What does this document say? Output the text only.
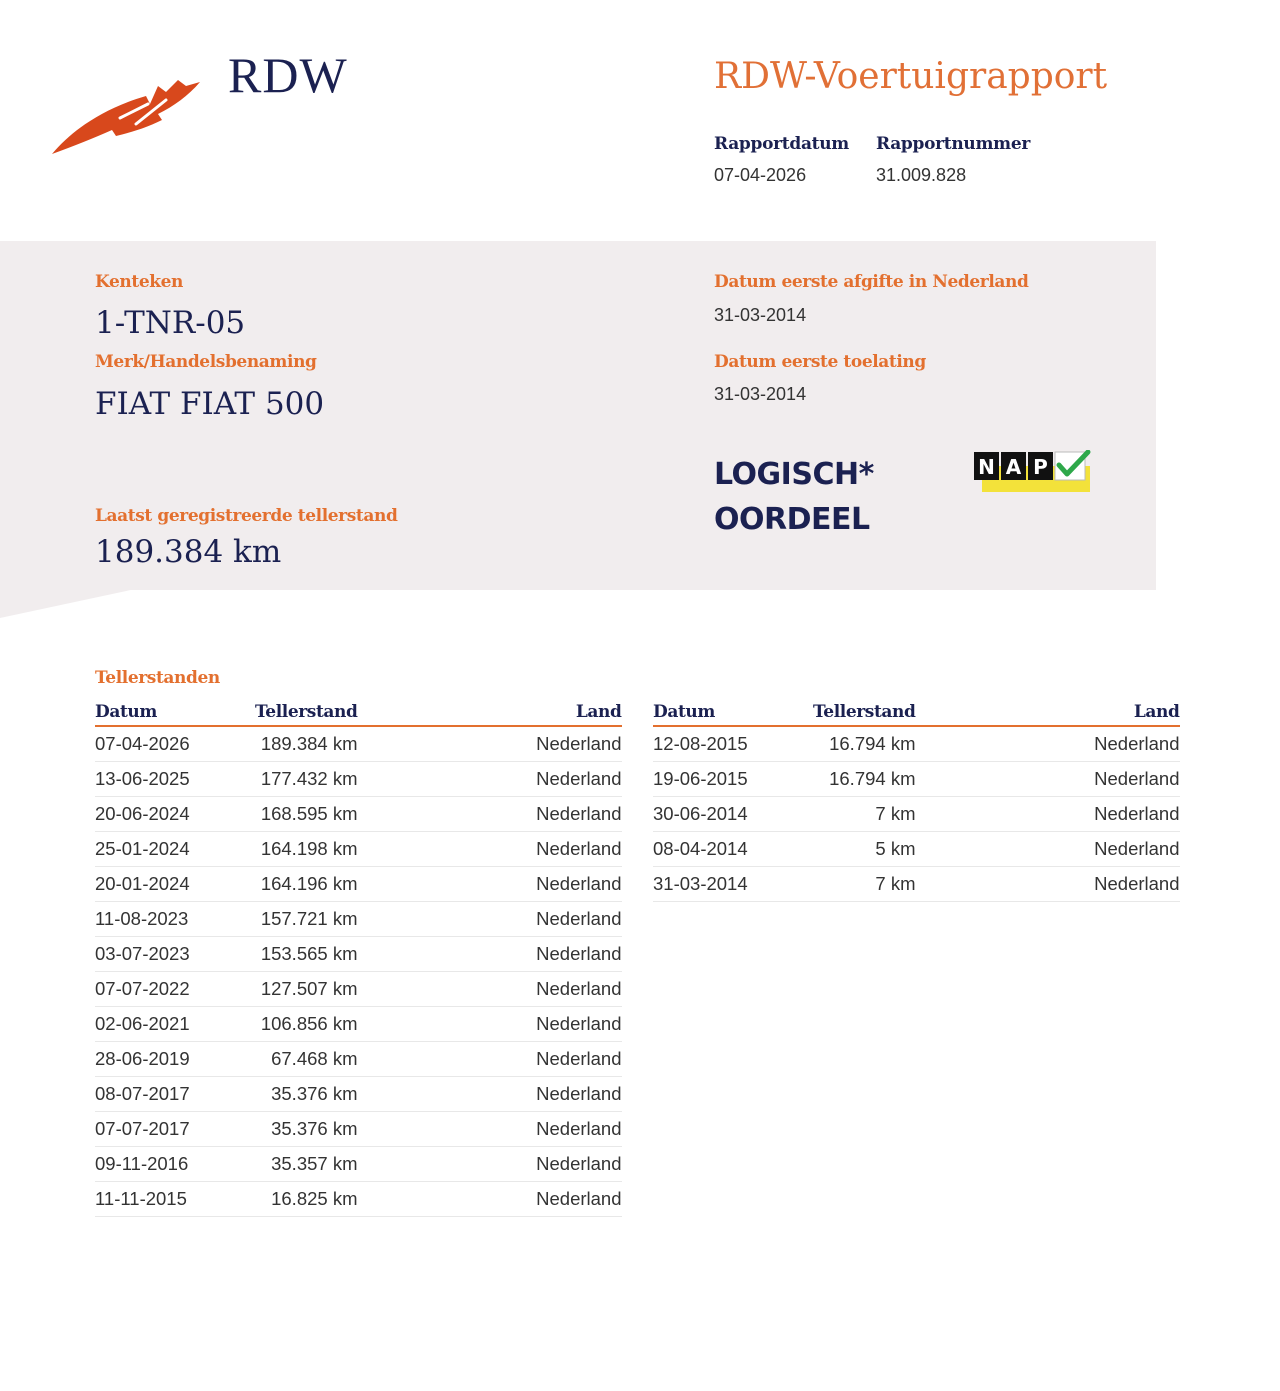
RDW	RDW-Voertuigrapport
Rapportdatum
07-04-2026
Rapportnummer
31.009.828
Kenteken
1-TNR-05
Merk/Handelsbenaming
FIAT FIAT 500
Laatst geregistreerde tellerstand
189.384 km
Datum eerste afgifte in Nederland
31-03-2014
Datum eerste toelating
31-03-2014
LOGISCH*
OORDEEL
N A P
Tellerstanden
Datum	Tellerstand	Land
07-04-2026	189.384 km	Nederland
13-06-2025	177.432 km	Nederland
20-06-2024	168.595 km	Nederland
25-01-2024	164.198 km	Nederland
20-01-2024	164.196 km	Nederland
11-08-2023	157.721 km	Nederland
03-07-2023	153.565 km	Nederland
07-07-2022	127.507 km	Nederland
02-06-2021	106.856 km	Nederland
28-06-2019	67.468 km	Nederland
08-07-2017	35.376 km	Nederland
07-07-2017	35.376 km	Nederland
09-11-2016	35.357 km	Nederland
11-11-2015	16.825 km	Nederland
Datum	Tellerstand	Land
12-08-2015	16.794 km	Nederland
19-06-2015	16.794 km	Nederland
30-06-2014	7 km	Nederland
08-04-2014	5 km	Nederland
31-03-2014	7 km	Nederland
